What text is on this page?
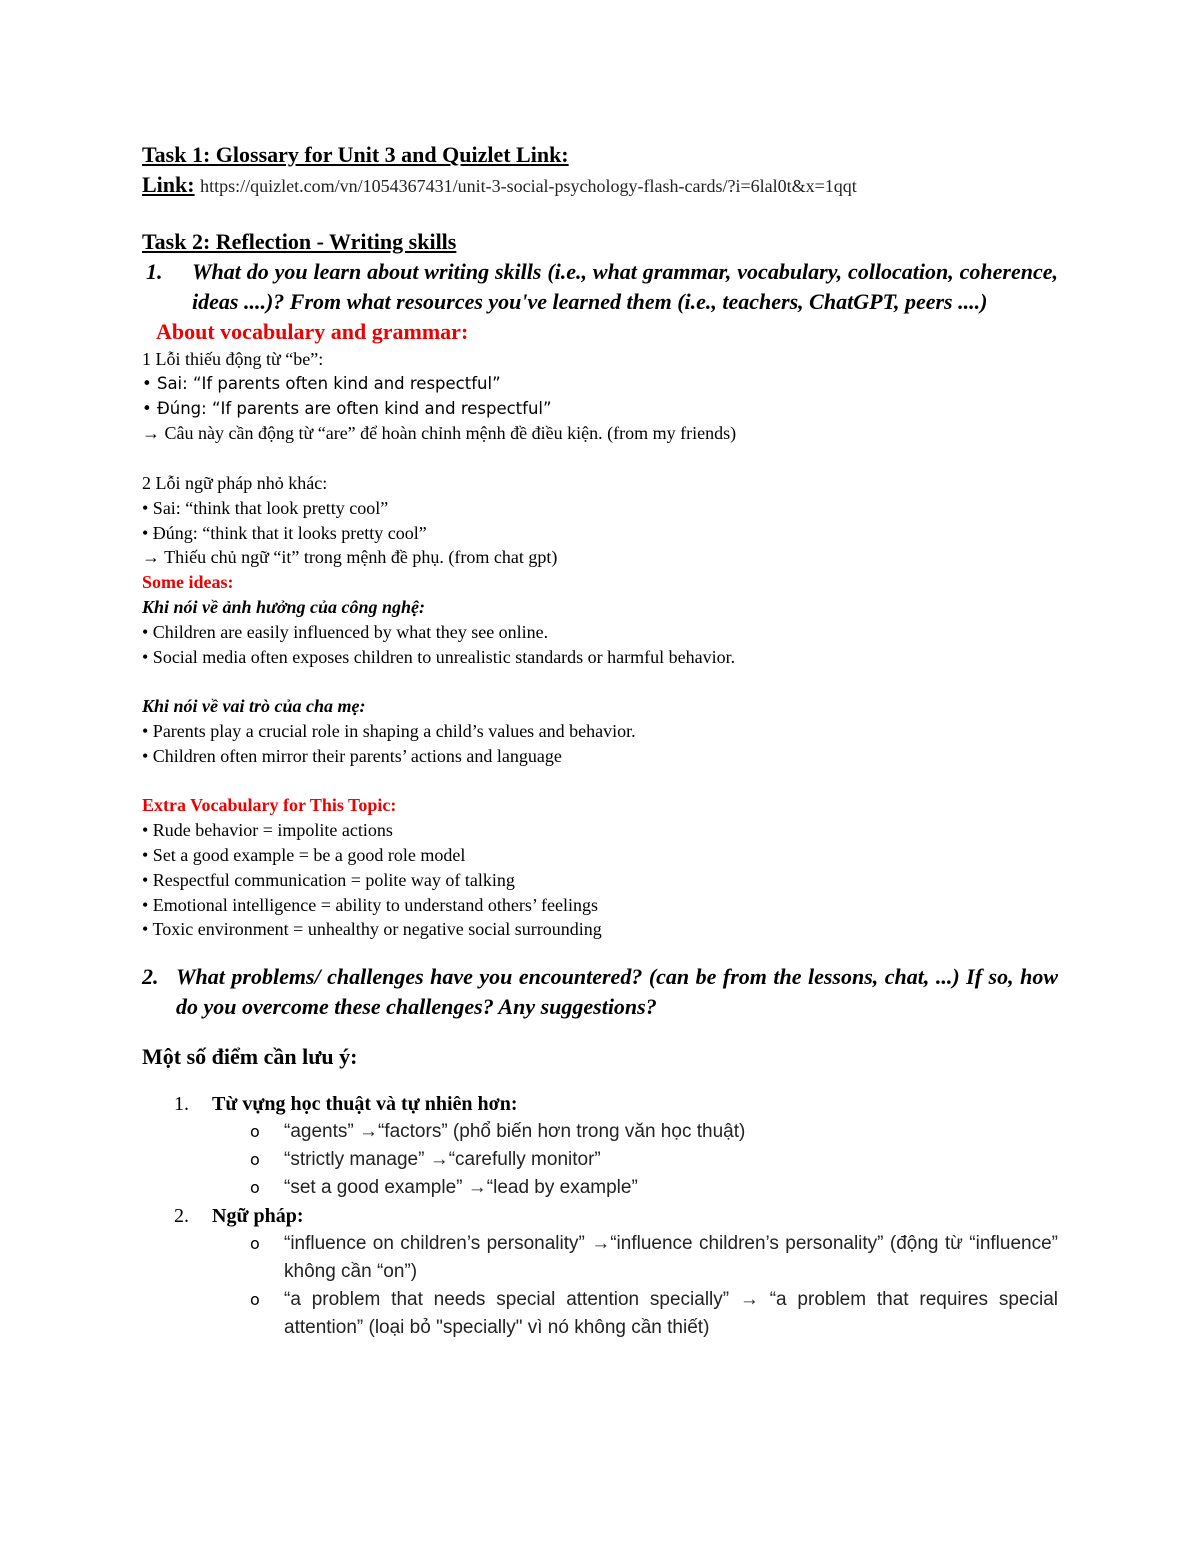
Task 1: Glossary for Unit 3 and Quizlet Link:
Link: https://quizlet.com/vn/1054367431/unit-3-social-psychology-flash-cards/?i=6lal0t&x=1qqt
Task 2: Reflection - Writing skills
1.	What do you learn about writing skills (i.e., what grammar, vocabulary, collocation, coherence, ideas ....)? From what resources you've learned them (i.e., teachers, ChatGPT, peers ....)
About vocabulary and grammar:
1 Lỗi thiếu động từ “be”:
• Sai: “If parents often kind and respectful”
• Đúng: “If parents are often kind and respectful”
→ Câu này cần động từ “are” để hoàn chỉnh mệnh đề điều kiện. (from my friends)
2 Lỗi ngữ pháp nhỏ khác:
• Sai: “think that look pretty cool”
• Đúng: “think that it looks pretty cool”
→ Thiếu chủ ngữ “it” trong mệnh đề phụ. (from chat gpt)
Some ideas:
Khi nói về ảnh hưởng của công nghệ:
• Children are easily influenced by what they see online.
• Social media often exposes children to unrealistic standards or harmful behavior.
Khi nói về vai trò của cha mẹ:
• Parents play a crucial role in shaping a child’s values and behavior.
• Children often mirror their parents’ actions and language
Extra Vocabulary for This Topic:
• Rude behavior = impolite actions
• Set a good example = be a good role model
• Respectful communication = polite way of talking
• Emotional intelligence = ability to understand others’ feelings
• Toxic environment = unhealthy or negative social surrounding
2. What problems/ challenges have you encountered? (can be from the lessons, chat, ...) If so, how do you overcome these challenges? Any suggestions?
Một số điểm cần lưu ý:
1.	Từ vựng học thuật và tự nhiên hơn:
o	“agents” →“factors” (phổ biến hơn trong văn học thuật)
o	“strictly manage” →“carefully monitor”
o	“set a good example” →“lead by example”
2.	Ngữ pháp:
o	“influence on children’s personality” →“influence children’s personality” (động từ “influence” không cần “on”)
o	“a problem that needs special attention specially” → “a problem that requires special attention” (loại bỏ "specially" vì nó không cần thiết)
